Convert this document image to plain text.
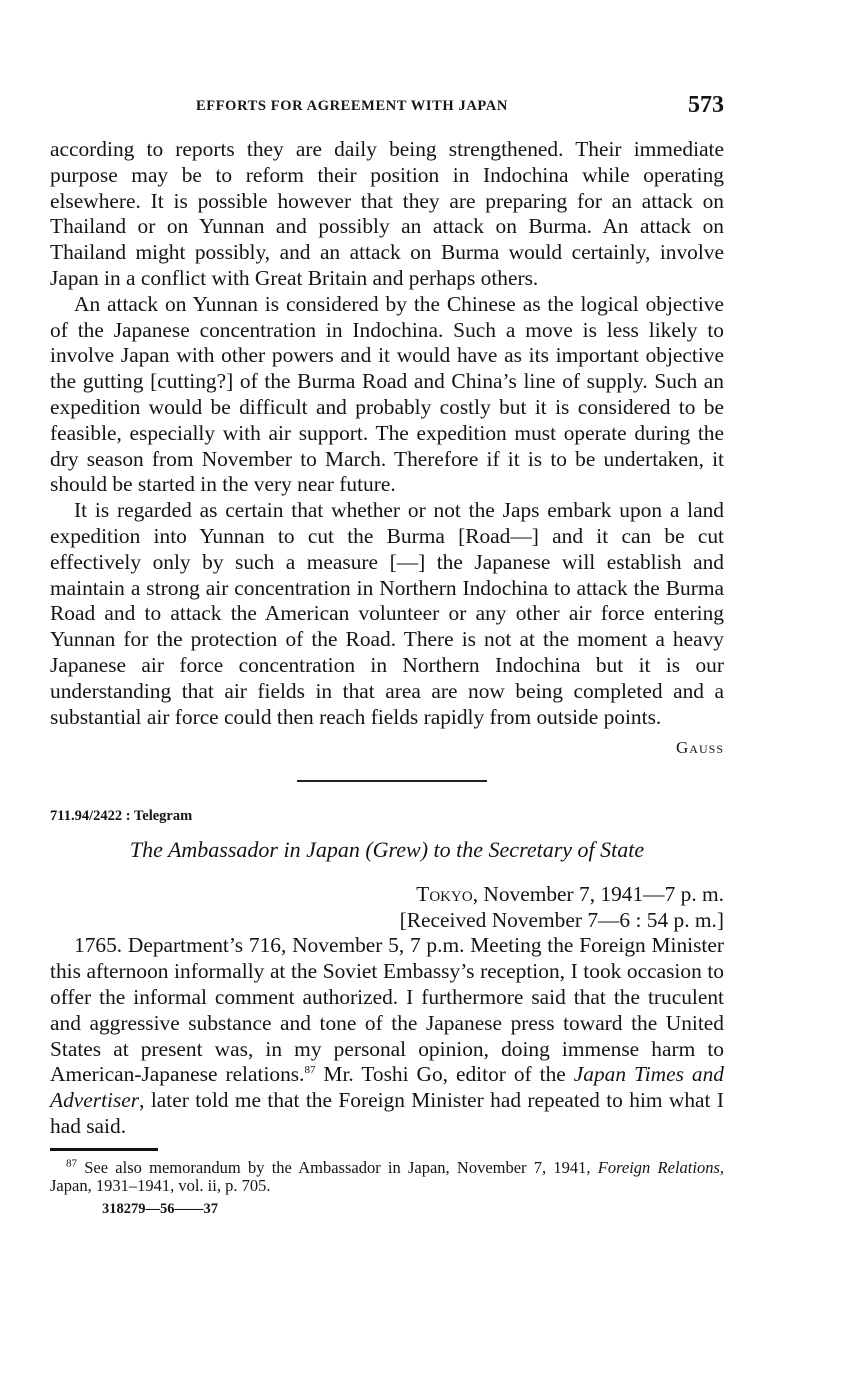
EFFORTS FOR AGREEMENT WITH JAPAN	573

according to reports they are daily being strengthened. Their immediate purpose may be to reform their position in Indochina while operating elsewhere. It is possible however that they are preparing for an attack on Thailand or on Yunnan and possibly an attack on Burma. An attack on Thailand might possibly, and an attack on Burma would certainly, involve Japan in a conflict with Great Britain and perhaps others.

An attack on Yunnan is considered by the Chinese as the logical objective of the Japanese concentration in Indochina. Such a move is less likely to involve Japan with other powers and it would have as its important objective the gutting [cutting?] of the Burma Road and China’s line of supply. Such an expedition would be difficult and probably costly but it is considered to be feasible, especially with air support. The expedition must operate during the dry season from November to March. Therefore if it is to be undertaken, it should be started in the very near future.

It is regarded as certain that whether or not the Japs embark upon a land expedition into Yunnan to cut the Burma [Road—] and it can be cut effectively only by such a measure [—] the Japanese will establish and maintain a strong air concentration in Northern Indochina to attack the Burma Road and to attack the American volunteer or any other air force entering Yunnan for the protection of the Road. There is not at the moment a heavy Japanese air force concentration in Northern Indochina but it is our understanding that air fields in that area are now being completed and a substantial air force could then reach fields rapidly from outside points.

Gauss
711.94/2422 : Telegram
The Ambassador in Japan (Grew) to the Secretary of State
Tokyo, November 7, 1941—7 p. m.
[Received November 7—6 : 54 p. m.]

1765. Department’s 716, November 5, 7 p.m. Meeting the Foreign Minister this afternoon informally at the Soviet Embassy’s reception, I took occasion to offer the informal comment authorized. I furthermore said that the truculent and aggressive substance and tone of the Japanese press toward the United States at present was, in my personal opinion, doing immense harm to American-Japanese relations.$^{87}$ Mr. Toshi Go, editor of the Japan Times and Advertiser, later told me that the Foreign Minister had repeated to him what I had said.

$^{87}$ See also memorandum by the Ambassador in Japan, November 7, 1941, Foreign Relations, Japan, 1931–1941, vol. ii, p. 705.
318279—56——37
